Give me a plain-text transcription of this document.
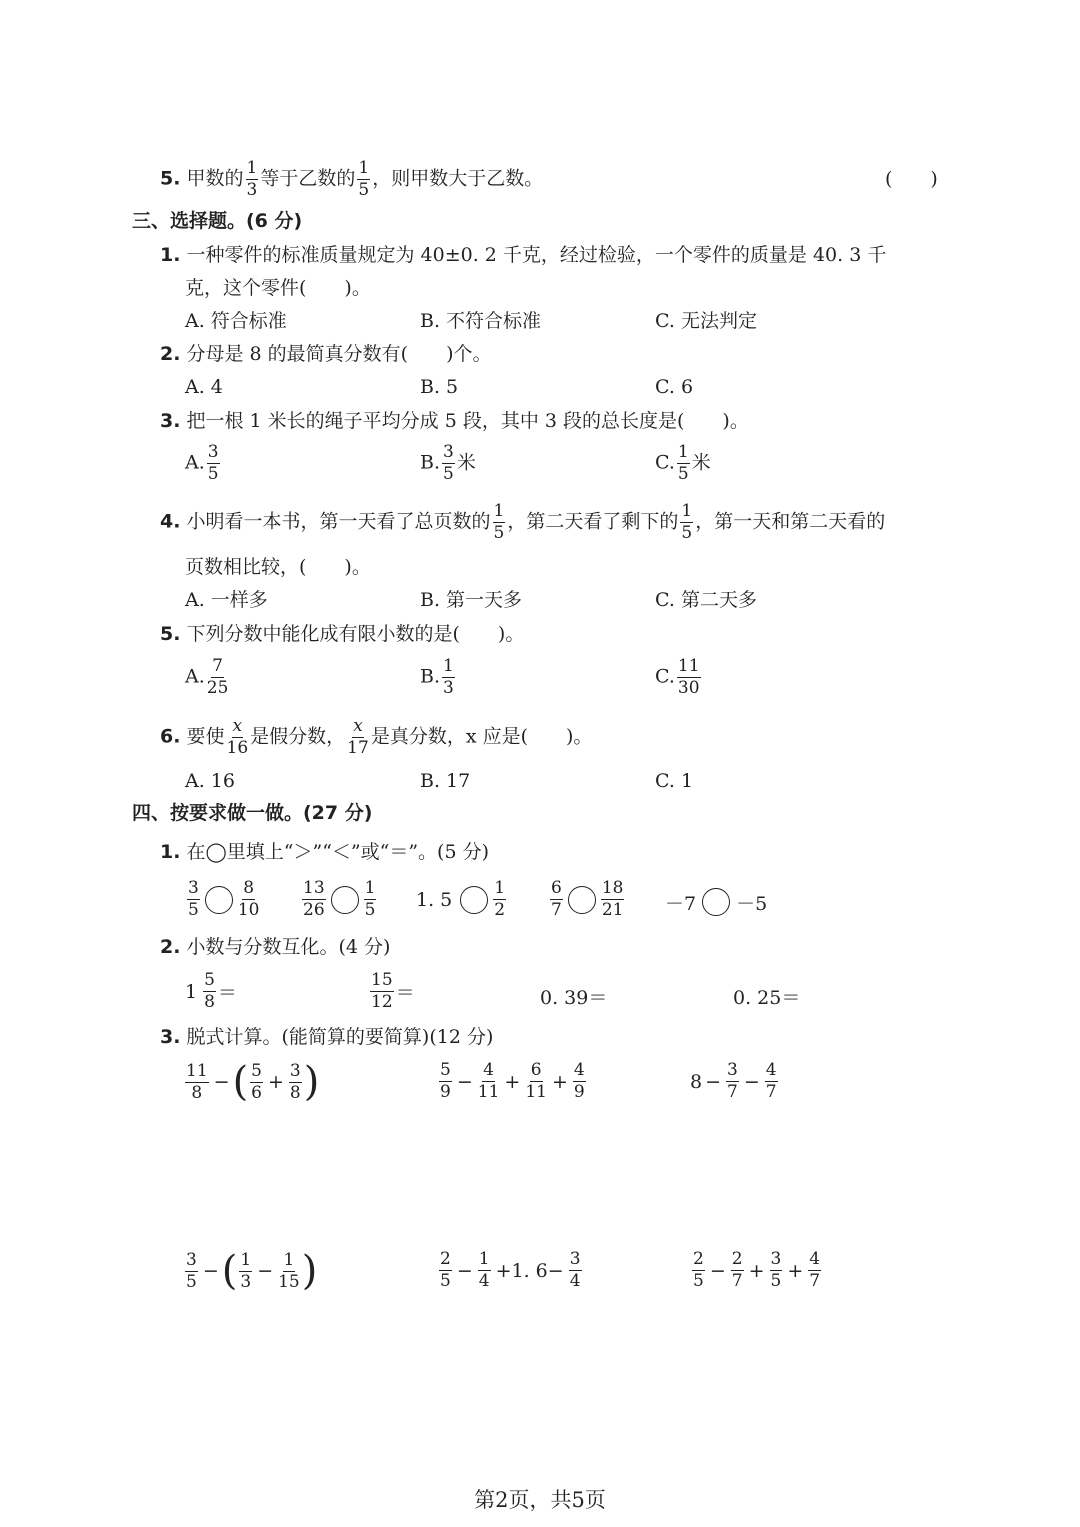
5. 甲数的 $\frac{1}{3}$ 等于乙数的 $\frac{1}{5}$ ，则甲数大于乙数。	(　　)
三、选择题。(6 分)
1. 一种零件的标准质量规定为 40±0. 2 千克，经过检验，一个零件的质量是 40. 3 千
克，这个零件(　　)。
A. 符合标准	B. 不符合标准	C. 无法判定
2. 分母是 8 的最简真分数有(　　)个。
A. 4	B. 5	C. 6
3. 把一根 1 米长的绳子平均分成 5 段，其中 3 段的总长度是(　　)。
A. $\frac{3}{5}$	B. $\frac{3}{5}$ 米	C. $\frac{1}{5}$ 米
4. 小明看一本书，第一天看了总页数的 $\frac{1}{5}$ ，第二天看了剩下的 $\frac{1}{5}$ ，第一天和第二天看的
页数相比较，(　　)。
A. 一样多	B. 第一天多	C. 第二天多
5. 下列分数中能化成有限小数的是(　　)。
A. $\frac{7}{25}$	B. $\frac{1}{3}$	C. $\frac{11}{30}$
6. 要使 $\frac{x}{16}$ 是假分数， $\frac{x}{17}$ 是真分数，x 应是(　　)。
A. 16	B. 17	C. 1
四、按要求做一做。(27 分)
1. 在◯里填上“＞”“＜”或“＝”。(5 分)
$\frac{3}{5} \frac{8}{10}$	$\frac{13}{26} \frac{1}{5} 1$. $5 \frac{1}{2}$	$\frac{6}{7} \frac{18}{21} -7 -5$
2. 小数与分数互化。(4 分)
$1 \frac{5}{8}$ ＝	$\frac{15}{12}$ ＝	0. 39＝	0. 25＝
3. 脱式计算。(能简算的要简算)(12 分)
$\frac{11}{8}$ − ( $\frac{5}{6} + \frac{3}{8}$ )	$\frac{5}{9} - \frac{4}{11} + \frac{6}{11} + \frac{4}{9}$	$8 - \frac{3}{7} - \frac{4}{7}$
$\frac{3}{5}$ − ( $\frac{1}{3} - \frac{1}{15}$ )	$\frac{2}{5} - \frac{1}{4} +1$. $6- \frac{3}{4}$	$\frac{2}{5} - \frac{2}{7} + \frac{3}{5} + \frac{4}{7}$
第2页，共5页
